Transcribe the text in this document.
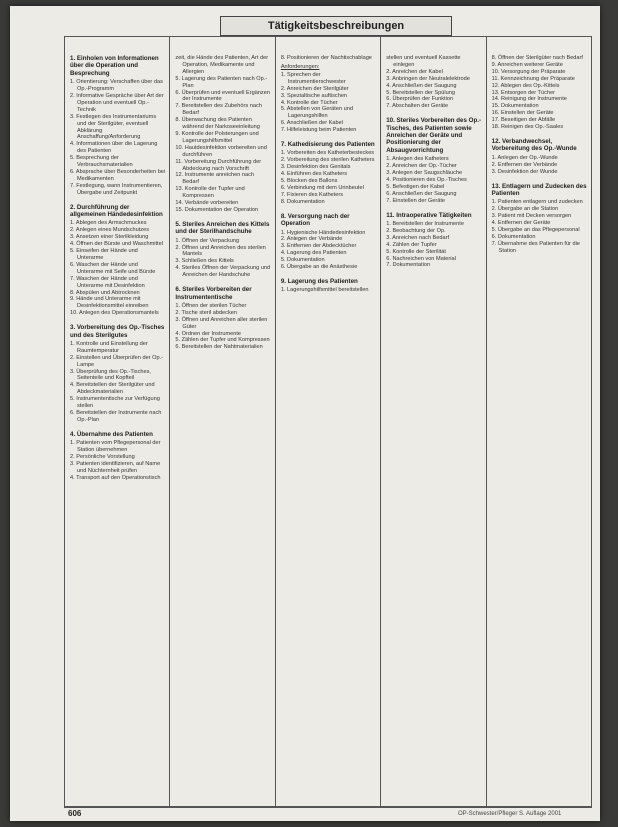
Tätigkeitsbeschreibungen
1. Einholen von Informationen über die Operation und Besprechung
1. Orientierung: Verschaffen über das Op.-Programm
2. Informative Gespräche über Art der Operation und eventuell Op.-Technik
3. Festlegen des Instrumentariums und der Sterilgüter, eventuell Abklärung Anschaffung/Anforderung
4. Informationen über die Lagerung des Patienten
5. Besprechung der Verbrauchsmaterialien
6. Absprache über Besonderheiten bei Medikamenten
7. Festlegung, wann Instrumentieren, Übergabe und Zeitpunkt
2. Durchführung der allgemeinen Händedesinfektion
1. Ablegen des Armschmuckes
2. Anlegen eines Mundschutzes
3. Ansetzen einer Sterilkleidung
4. Öffnen der Bürste und Waschmittel
5. Einseifen der Hände und Unterarme
6. Waschen der Hände und Unterarme mit Seife und Bürste
7. Waschen der Hände und Unterarme mit Desinfektion
8. Abspülen und Abtrocknen
9. Hände und Unterarme mit Desinfektionsmittel einreiben
10. Anlegen des Operationsmantels
3. Vorbereitung des Op.-Tisches und des Sterilgutes
1. Kontrolle und Einstellung der Raumtemperatur
2. Einstellen und Überprüfen der Op.-Lampe
3. Überprüfung des Op.-Tisches, Seitenteile und Kopfteil
4. Bereitstellen der Sterilgüter und Abdeckmaterialien
5. Instrumententische zur Verfügung stellen
6. Bereitstellen der Instrumente nach Op.-Plan
4. Übernahme des Patienten
1. Patienten vom Pflegepersonal der Station übernehmen
2. Persönliche Vorstellung
3. Patienten identifizieren, auf Name und Nüchternheit prüfen
4. Transport auf den Operationstisch
zeit, die Hände des Patienten, Art der Operation, Medikamente und Allergien
5. Lagerung des Patienten nach Op.-Plan
6. Überprüfen und eventuell Ergänzen der Instrumente
7. Bereitstellen des Zubehörs nach Bedarf
8. Überwachung des Patienten während der Narkoseeinleitung
9. Kontrolle der Polsterungen und Lagerungshilfsmittel
10. Hautdesinfektion vorbereiten und durchführen
11. Vorbereitung Durchführung der Abdeckung nach Vorschrift
12. Instrumente anreichen nach Bedarf
13. Kontrolle der Tupfer und Kompressen
14. Verbände vorbereiten
15. Dokumentation der Operation
5. Steriles Anreichen des Kittels und der Sterilhandschuhe
1. Öffnen der Verpackung
2. Öffnen und Anreichen des sterilen Mantels
3. Schließen des Kittels
4. Steriles Öffnen der Verpackung und Anreichen der Handschuhe
6. Steriles Vorbereiten der Instrumententische
1. Öffnen der sterilen Tücher
2. Tische steril abdecken
3. Öffnen und Anreichen aller sterilen Güter
4. Ordnen der Instrumente
5. Zählen der Tupfer und Kompressen
6. Bereitstellen der Nahtmaterialien
8. Positionieren der Nachtischablage
Anforderungen:
1. Sprechen der Instrumentierschwester
2. Anreichen der Sterilgüter
3. Spezialtische auftischen
4. Kontrolle der Tücher
5. Abstellen von Geräten und Lagerungshilfen
6. Anschließen der Kabel
7. Hilfeleistung beim Patienten
7. Kathedisierung des Patienten
1. Vorbereiten des Katheterbesteckes
2. Vorbereitung des sterilen Katheters
3. Desinfektion des Genitals
4. Einführen des Katheters
5. Blocken des Ballons
6. Verbindung mit dem Urinbeutel
7. Fixieren des Katheters
8. Dokumentation
8. Versorgung nach der Operation
1. Hygienische Händedesinfektion
2. Anlegen der Verbände
3. Entfernen der Abdecktücher
4. Lagerung des Patienten
5. Dokumentation
6. Übergabe an die Anästhesie
9. Lagerung des Patienten
1. Lagerungshilfsmittel bereitstellen
stellen und eventuell Kassette einlegen
2. Anreichen der Kabel
3. Anbringen der Neutralelektrode
4. Anschließen der Saugung
5. Bereitstellen der Spülung
6. Überprüfen der Funktion
7. Abschalten der Geräte
10. Steriles Vorbereiten des Op.-Tisches, des Patienten sowie Anreichen der Geräte und Positionierung der Absaugvorrichtung
1. Anlegen des Katheters
2. Anreichen der Op.-Tücher
3. Anlegen der Saugschläuche
4. Positionieren des Op.-Tisches
5. Befestigen der Kabel
6. Anschließen der Saugung
7. Einstellen der Geräte
11. Intraoperative Tätigkeiten
1. Bereitstellen der Instrumente
2. Beobachtung der Op.
3. Anreichen nach Bedarf
4. Zählen der Tupfer
5. Kontrolle der Sterilität
6. Nachreichen von Material
7. Dokumentation
8. Öffnen der Sterilgüter nach Bedarf
9. Anreichen weiterer Geräte
10. Versorgung der Präparate
11. Kennzeichnung der Präparate
12. Ablegen des Op.-Kittels
13. Entsorgen der Tücher
14. Reinigung der Instrumente
15. Dokumentation
16. Einstellen der Geräte
17. Beseitigen der Abfälle
18. Reinigen des Op.-Saales
12. Verbandwechsel, Vorbereitung des Op.-Wunde
1. Anlegen der Op.-Wunde
2. Entfernen der Verbände
3. Desinfektion der Wunde
13. Entlagern und Zudecken des Patienten
1. Patienten entlagern und zudecken
2. Übergabe an die Station
3. Patient mit Decken versorgen
4. Entfernen der Geräte
5. Übergabe an das Pflegepersonal
6. Dokumentation
7. Übernahme des Patienten für die Station
606	OP-Schwester/Pfleger S. Auflage 2001
